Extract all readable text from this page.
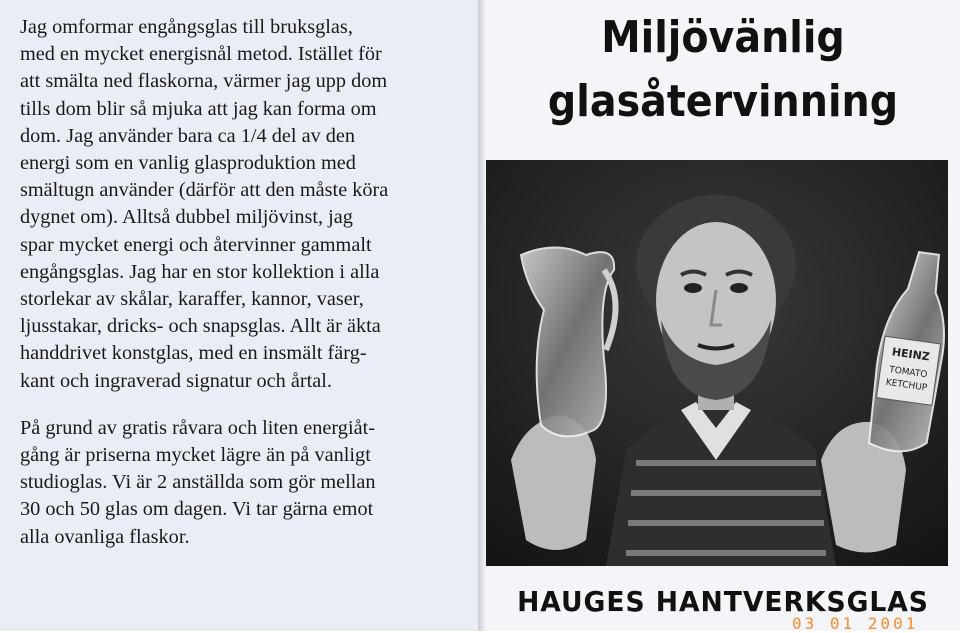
Jag omformar engångsglas till bruksglas,
med en mycket energisnål metod. Istället för
att smälta ned flaskorna, värmer jag upp dom
tills dom blir så mjuka att jag kan forma om
dom. Jag använder bara ca 1/4 del av den
energi som en vanlig glasproduktion med
smältugn använder (därför att den måste köra
dygnet om). Alltså dubbel miljövinst, jag
spar mycket energi och återvinner gammalt
engångsglas. Jag har en stor kollektion i alla
storlekar av skålar, karaffer, kannor, vaser,
ljusstakar, dricks- och snapsglas. Allt är äkta
handdrivet konstglas, med en insmält färg-
kant och ingraverad signatur och årtal.
På grund av gratis råvara och liten energiåt-
gång är priserna mycket lägre än på vanligt
studioglas. Vi är 2 anställda som gör mellan
30 och 50 glas om dagen. Vi tar gärna emot
alla ovanliga flaskor.
Miljövänlig
glasåtervinning
HEINZ
TOMATO
KETCHUP
HAUGES HANTVERKSGLAS
03 01 2001
